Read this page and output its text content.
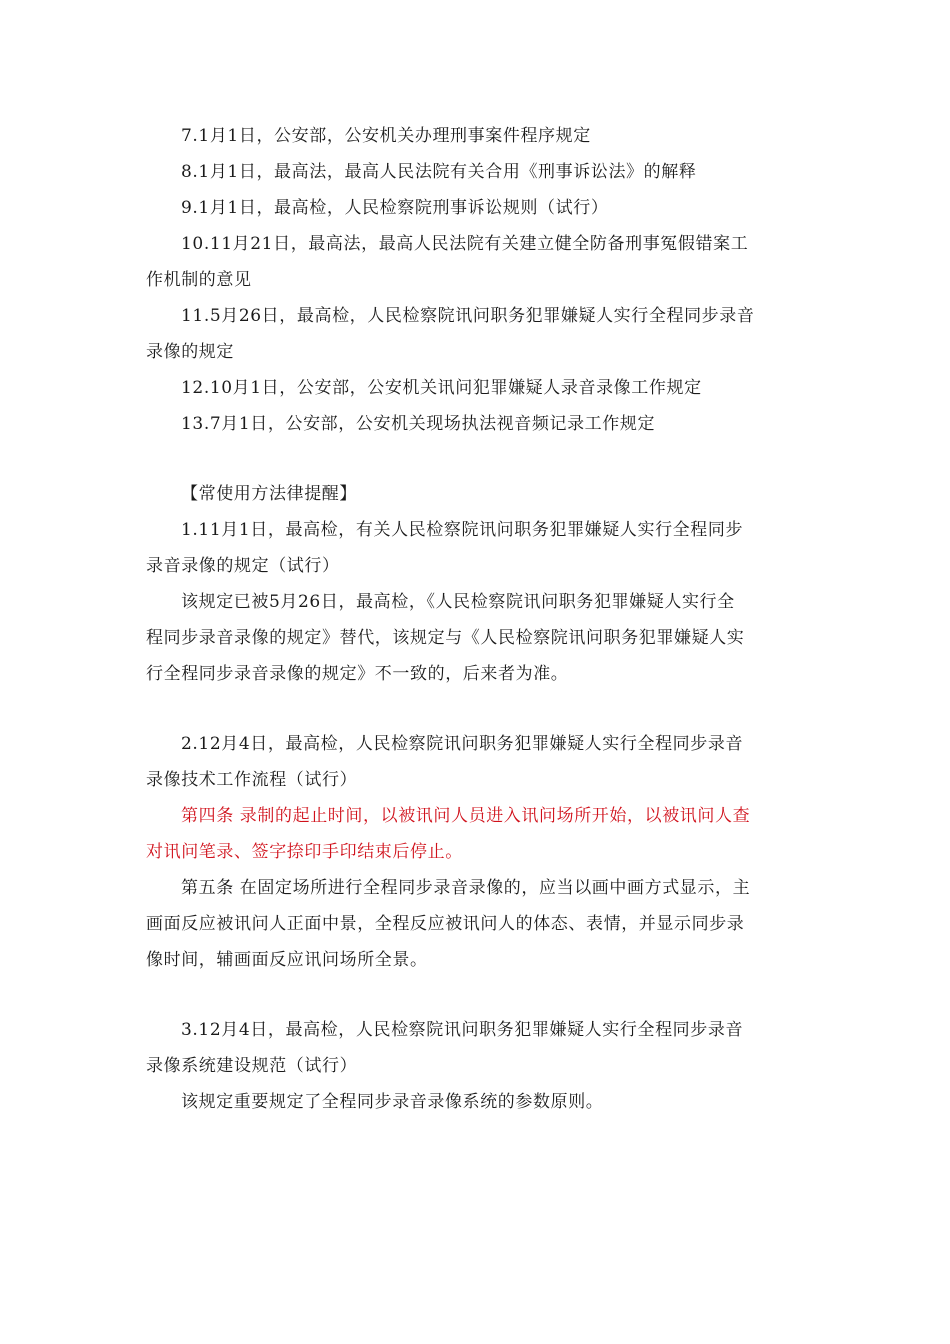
7.1月1日，公安部，公安机关办理刑事案件程序规定
8.1月1日，最高法，最高人民法院有关合用《刑事诉讼法》的解释
9.1月1日，最高检，人民检察院刑事诉讼规则（试行）
10.11月21日，最高法，最高人民法院有关建立健全防备刑事冤假错案工
作机制的意见
11.5月26日，最高检，人民检察院讯问职务犯罪嫌疑人实行全程同步录音
录像的规定
12.10月1日，公安部，公安机关讯问犯罪嫌疑人录音录像工作规定
13.7月1日，公安部，公安机关现场执法视音频记录工作规定
【常使用方法律提醒】
1.11月1日，最高检，有关人民检察院讯问职务犯罪嫌疑人实行全程同步
录音录像的规定（试行）
该规定已被5月26日，最高检，《人民检察院讯问职务犯罪嫌疑人实行全
程同步录音录像的规定》替代，该规定与《人民检察院讯问职务犯罪嫌疑人实
行全程同步录音录像的规定》不一致的，后来者为准。
2.12月4日，最高检，人民检察院讯问职务犯罪嫌疑人实行全程同步录音
录像技术工作流程（试行）
第四条 录制的起止时间，以被讯问人员进入讯问场所开始，以被讯问人查
对讯问笔录、签字捺印手印结束后停止。
第五条 在固定场所进行全程同步录音录像的，应当以画中画方式显示，主
画面反应被讯问人正面中景，全程反应被讯问人的体态、表情，并显示同步录
像时间，辅画面反应讯问场所全景。
3.12月4日，最高检，人民检察院讯问职务犯罪嫌疑人实行全程同步录音
录像系统建设规范（试行）
该规定重要规定了全程同步录音录像系统的参数原则。
